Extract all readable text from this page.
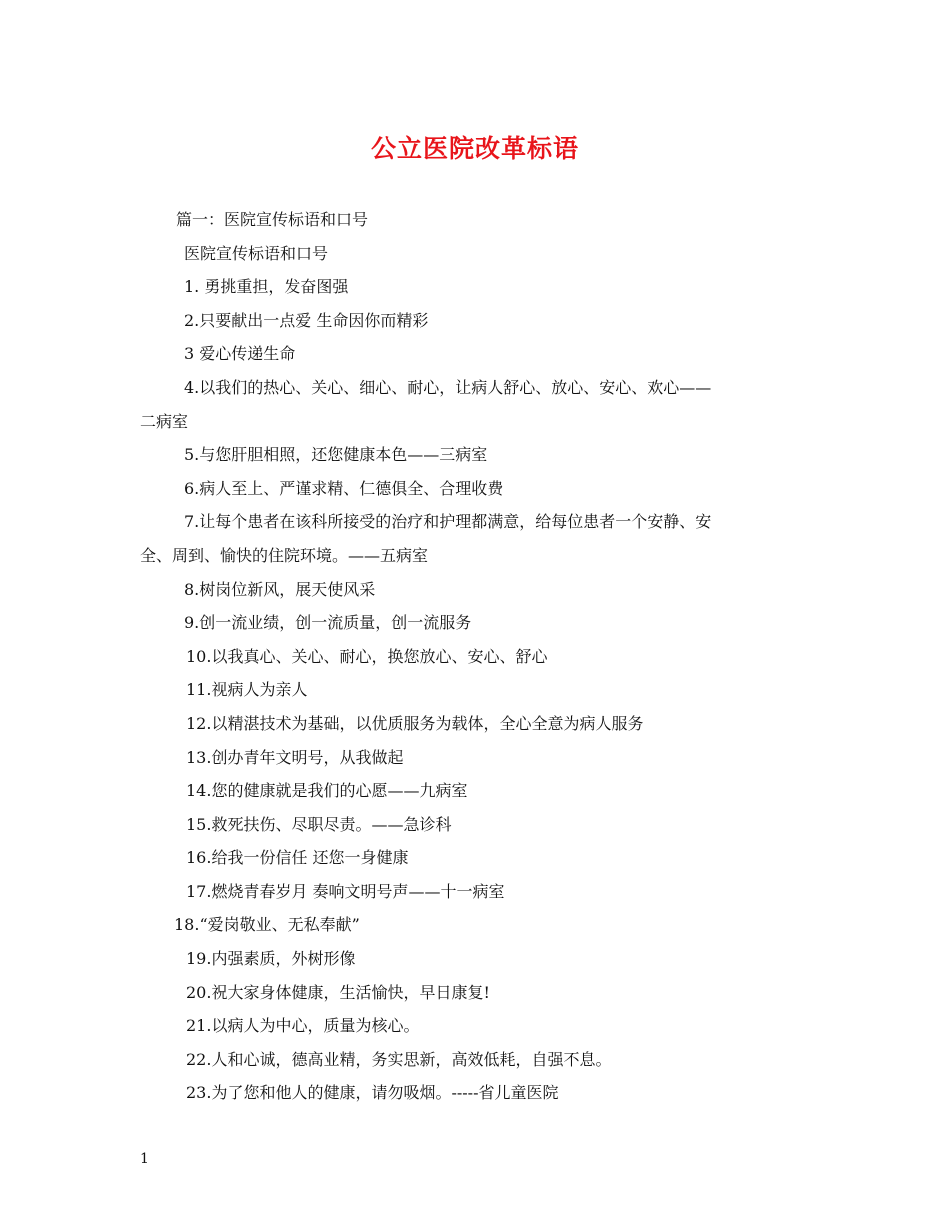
公立医院改革标语
篇一：医院宣传标语和口号
医院宣传标语和口号
1. 勇挑重担，发奋图强
2.只要献出一点爱 生命因你而精彩
3 爱心传递生命
4.以我们的热心、关心、细心、耐心，让病人舒心、放心、安心、欢心——
二病室
5.与您肝胆相照，还您健康本色——三病室
6.病人至上、严谨求精、仁德俱全、合理收费
7.让每个患者在该科所接受的治疗和护理都满意，给每位患者一个安静、安
全、周到、愉快的住院环境。——五病室
8.树岗位新风，展天使风采
9.创一流业绩，创一流质量，创一流服务
10.以我真心、关心、耐心，换您放心、安心、舒心
11.视病人为亲人
12.以精湛技术为基础，以优质服务为载体，全心全意为病人服务
13.创办青年文明号，从我做起
14.您的健康就是我们的心愿——九病室
15.救死扶伤、尽职尽责。——急诊科
16.给我一份信任 还您一身健康
17.燃烧青春岁月 奏响文明号声——十一病室
18.“爱岗敬业、无私奉献”
19.内强素质，外树形像
20.祝大家身体健康，生活愉快，早日康复!
21.以病人为中心，质量为核心。
22.人和心诚，德高业精，务实思新，高效低耗，自强不息。
23.为了您和他人的健康，请勿吸烟。-----省儿童医院
1
